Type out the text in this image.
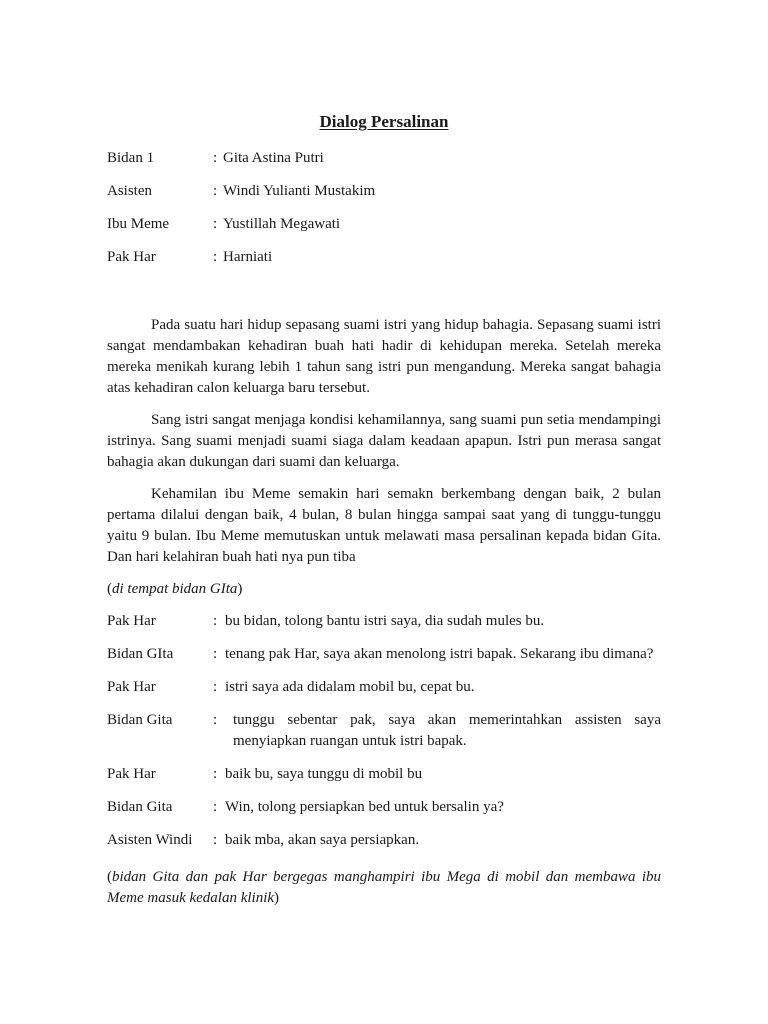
Dialog Persalinan
Bidan 1	: Gita Astina Putri
Asisten	: Windi Yulianti Mustakim
Ibu Meme	: Yustillah Megawati
Pak Har	: Harniati

Pada suatu hari hidup sepasang suami istri yang hidup bahagia. Sepasang suami istri sangat mendambakan kehadiran buah hati hadir di kehidupan mereka. Setelah mereka mereka menikah kurang lebih 1 tahun sang istri pun mengandung. Mereka sangat bahagia atas kehadiran calon keluarga baru tersebut.

Sang istri sangat menjaga kondisi kehamilannya, sang suami pun setia mendampingi istrinya. Sang suami menjadi suami siaga dalam keadaan apapun. Istri pun merasa sangat bahagia akan dukungan dari suami dan keluarga.

Kehamilan ibu Meme semakin hari semakn berkembang dengan baik, 2 bulan pertama dilalui dengan baik, 4 bulan, 8 bulan hingga sampai saat yang di tunggu-tunggu yaitu 9 bulan. Ibu Meme memutuskan untuk melawati masa persalinan kepada bidan Gita. Dan hari kelahiran buah hati nya pun tiba

(di tempat bidan GIta)

Pak Har	: bu bidan, tolong bantu istri saya, dia sudah mules bu.
Bidan GIta	: tenang pak Har, saya akan menolong istri bapak. Sekarang ibu dimana?
Pak Har	: istri saya ada didalam mobil bu, cepat bu.
Bidan Gita	:	tunggu sebentar pak, saya akan memerintahkan assisten saya menyiapkan ruangan untuk istri bapak.
Pak Har	: baik bu, saya tunggu di mobil bu
Bidan Gita	: Win, tolong persiapkan bed untuk bersalin ya?
Asisten Windi	: baik mba, akan saya persiapkan.

(bidan Gita dan pak Har bergegas manghampiri ibu Mega di mobil dan membawa ibu Meme masuk kedalan klinik)
